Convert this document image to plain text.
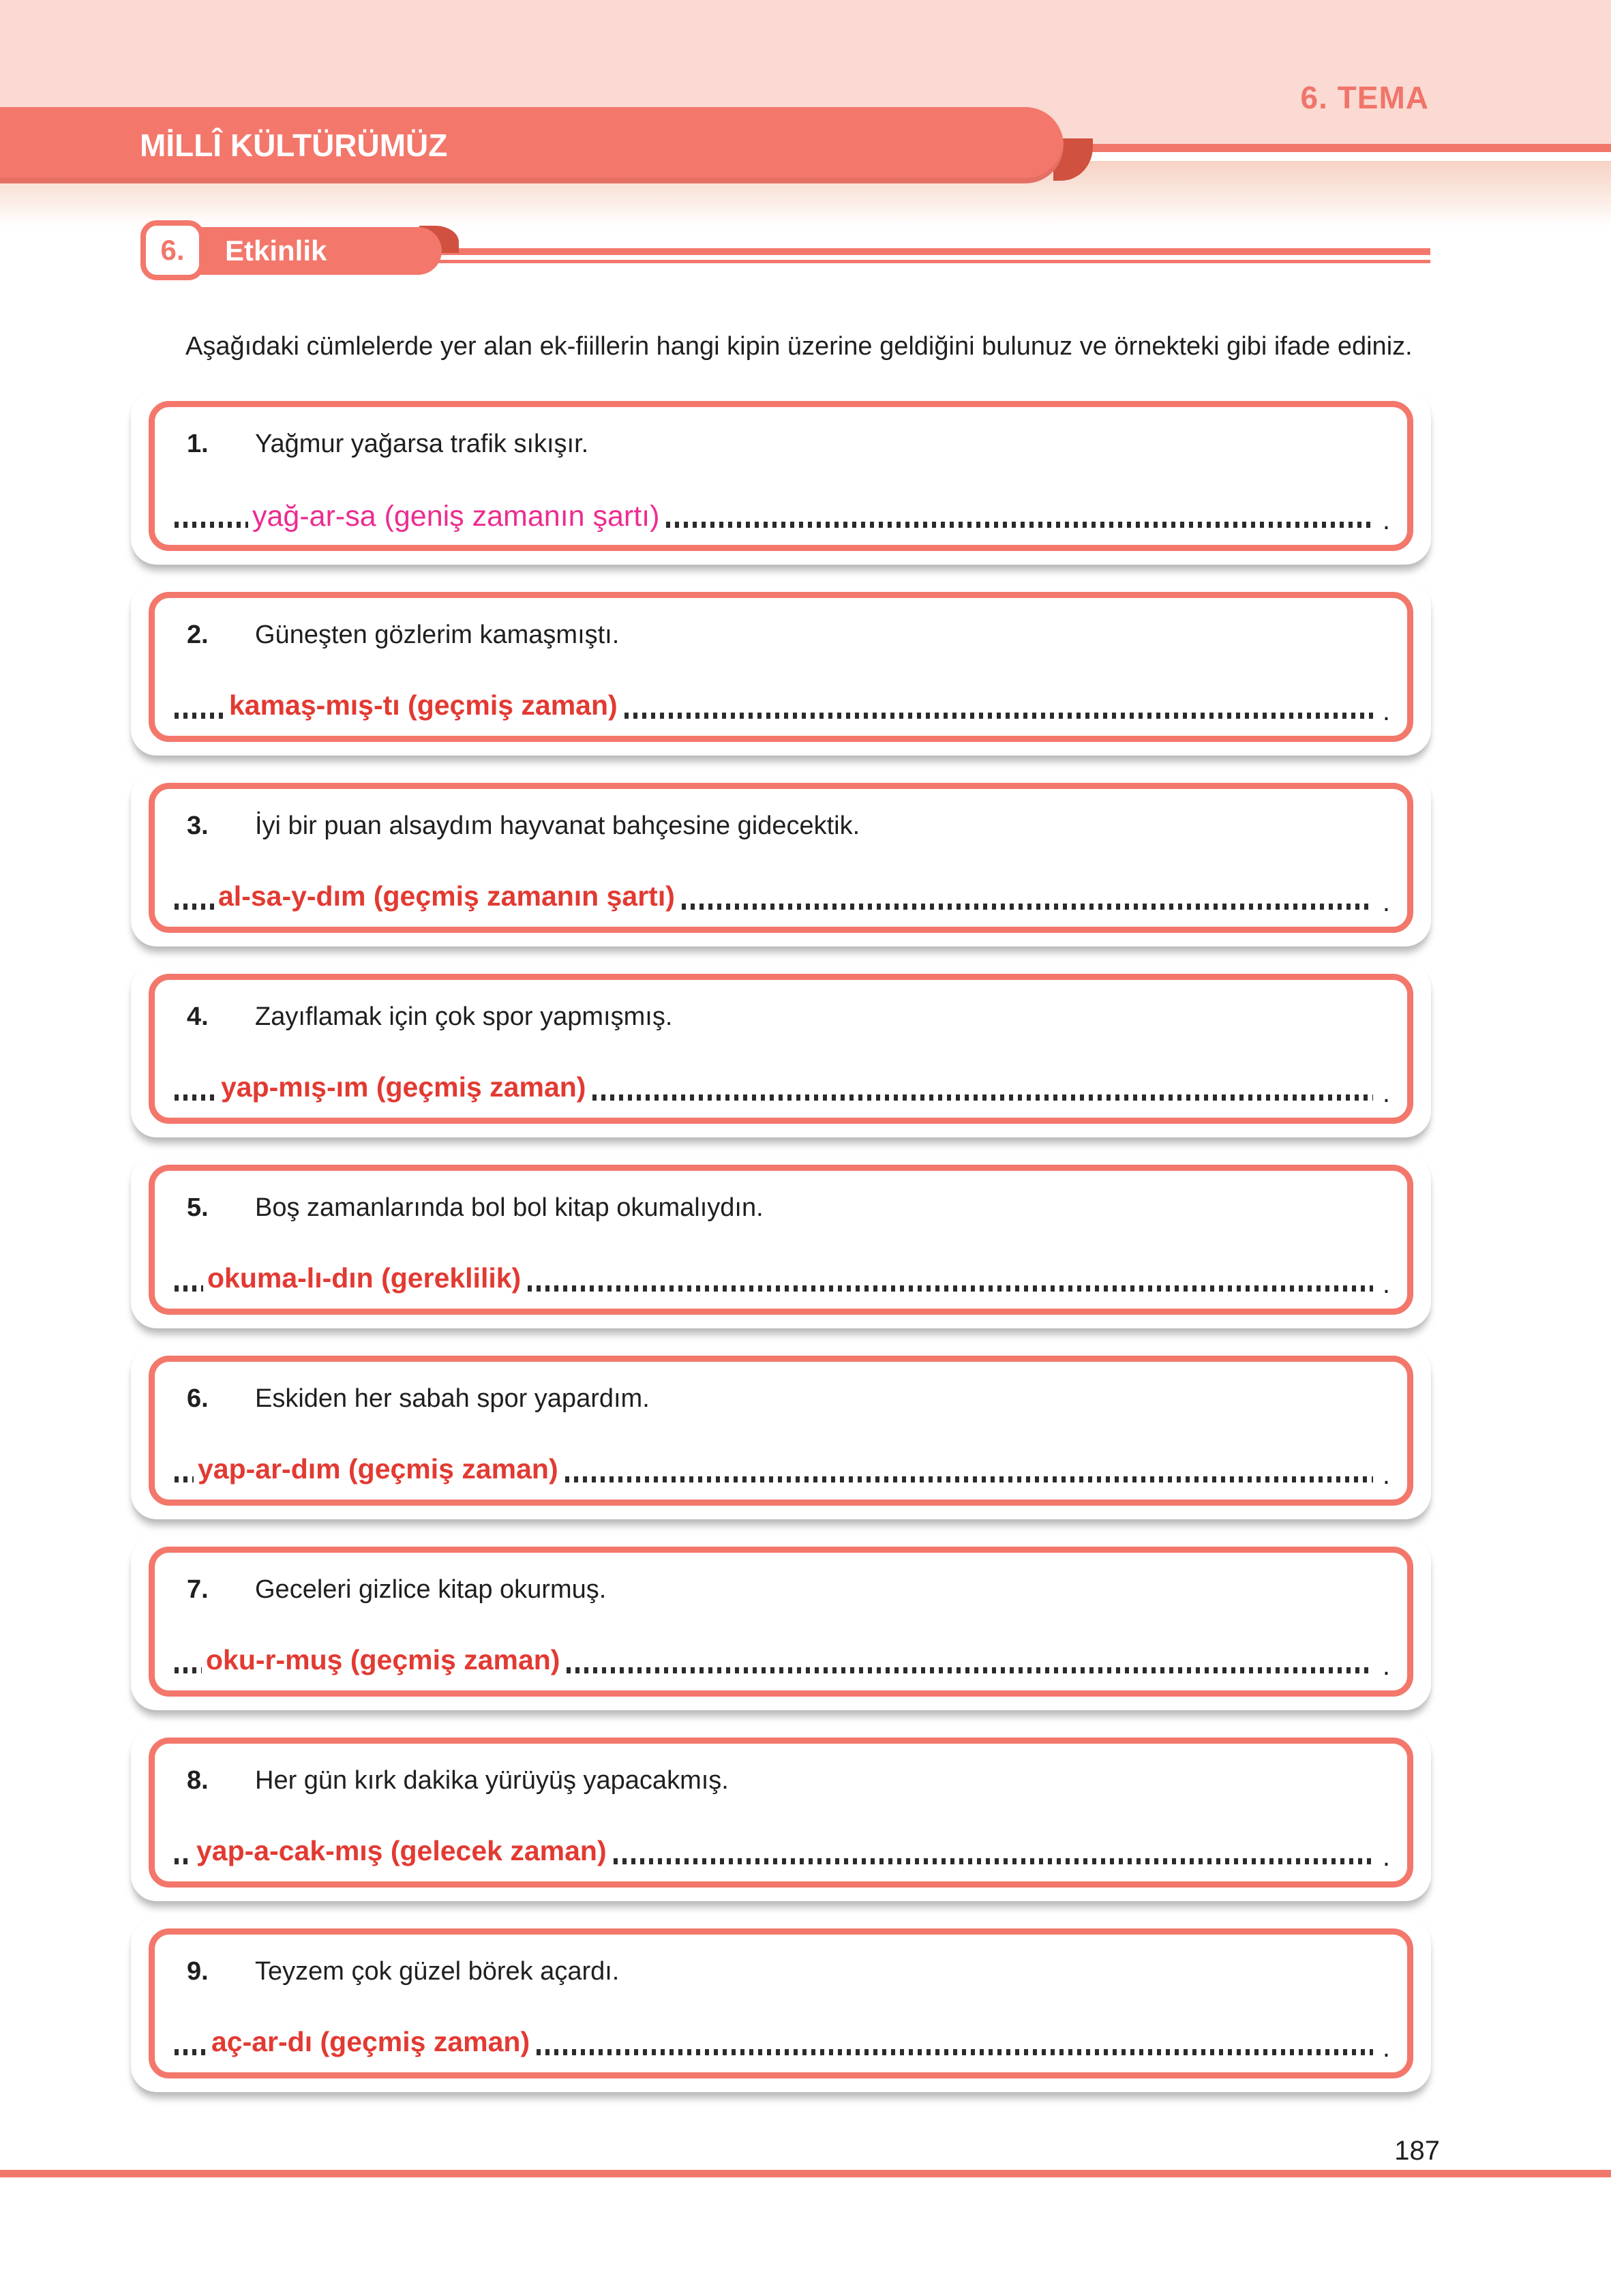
6. TEMA
MİLLÎ KÜLTÜRÜMÜZ
Etkinlik
6.

Aşağıdaki cümlelerde yer alan ek-fiillerin hangi kipin üzerine geldiğini bulunuz ve örnekteki gibi ifade ediniz.

1. Yağmur yağarsa trafik sıkışır.
yağ-ar-sa (geniş zamanın şartı)	.
2. Güneşten gözlerim kamaşmıştı.
kamaş-mış-tı (geçmiş zaman)	.
3. İyi bir puan alsaydım hayvanat bahçesine gidecektik.
al-sa-y-dım (geçmiş zamanın şartı)	.
4. Zayıflamak için çok spor yapmışmış.
yap-mış-ım (geçmiş zaman)	.
5. Boş zamanlarında bol bol kitap okumalıydın.
okuma-lı-dın (gereklilik)	.
6. Eskiden her sabah spor yapardım.
yap-ar-dım (geçmiş zaman)	.
7. Geceleri gizlice kitap okurmuş.
oku-r-muş (geçmiş zaman)	.
8. Her gün kırk dakika yürüyüş yapacakmış.
yap-a-cak-mış (gelecek zaman)	.
9. Teyzem çok güzel börek açardı.
aç-ar-dı (geçmiş zaman)	.
187
